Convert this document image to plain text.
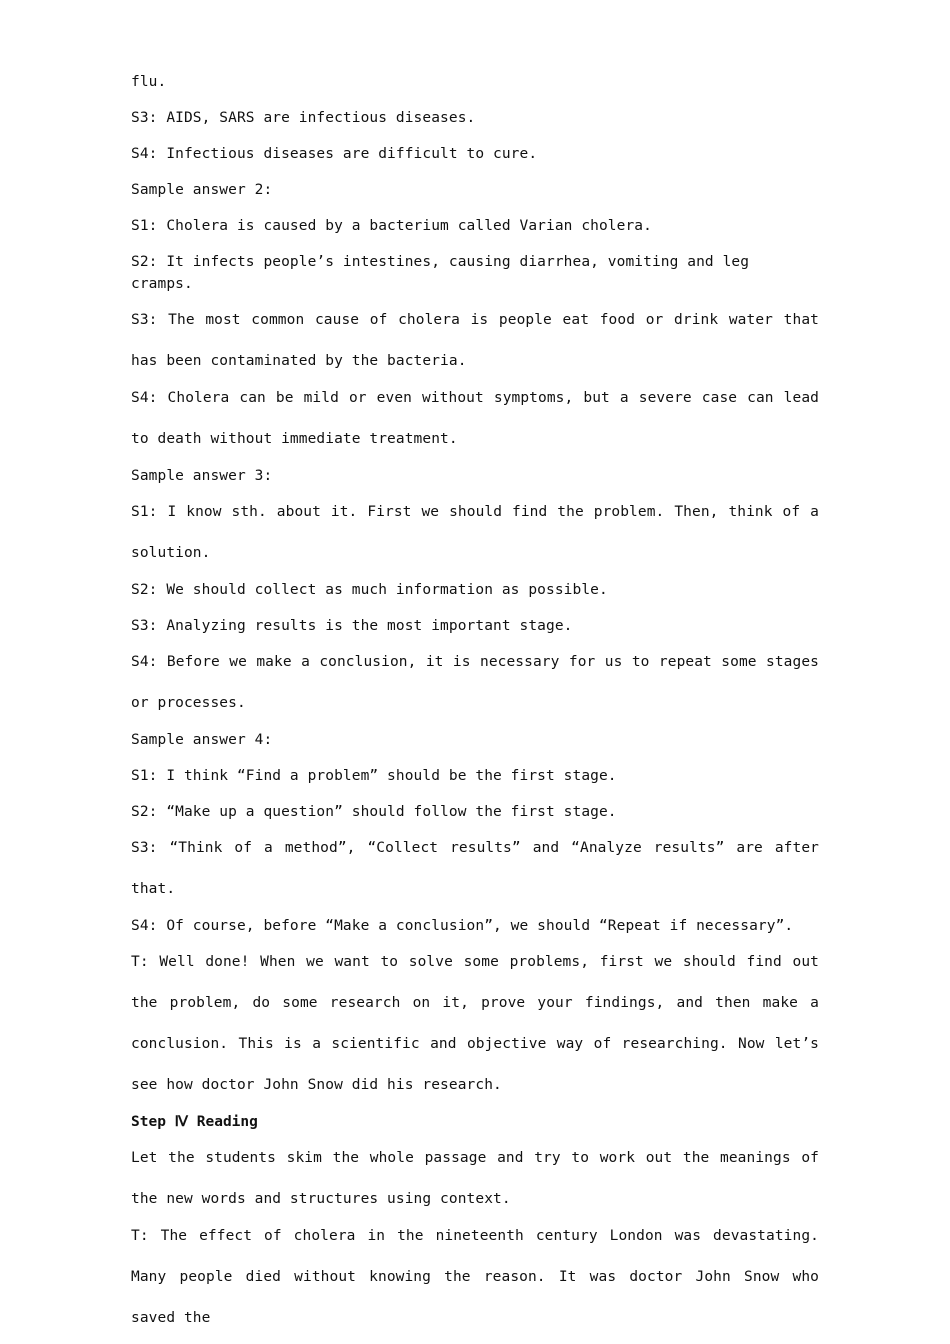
flu.

S3: AIDS, SARS are infectious diseases.

S4: Infectious diseases are difficult to cure.

Sample answer 2:

S1: Cholera is caused by a bacterium called Varian cholera.

S2: It infects people’s intestines, causing diarrhea, vomiting and leg cramps.

S3: The most common cause of cholera is people eat food or drink water that has been contaminated by the bacteria.

S4: Cholera can be mild or even without symptoms, but a severe case can lead to death without immediate treatment.

Sample answer 3:

S1: I know sth. about it. First we should find the problem. Then, think of a solution.

S2: We should collect as much information as possible.

S3: Analyzing results is the most important stage.

S4: Before we make a conclusion, it is necessary for us to repeat some stages or processes.

Sample answer 4:

S1: I think “Find a problem” should be the first stage.

S2: “Make up a question” should follow the first stage.

S3: “Think of a method”, “Collect results” and “Analyze results” are after that.

S4: Of course, before “Make a conclusion”, we should “Repeat if necessary”.

T: Well done! When we want to solve some problems, first we should find out the problem, do some research on it, prove your findings, and then make a conclusion. This is a scientific and objective way of researching. Now let’s see how doctor John Snow did his research.

Step Ⅳ Reading

Let the students skim the whole passage and try to work out the meanings of the new words and structures using context.

T: The effect of cholera in the nineteenth century London was devastating. Many people died without knowing the reason. It was doctor John Snow who saved the
